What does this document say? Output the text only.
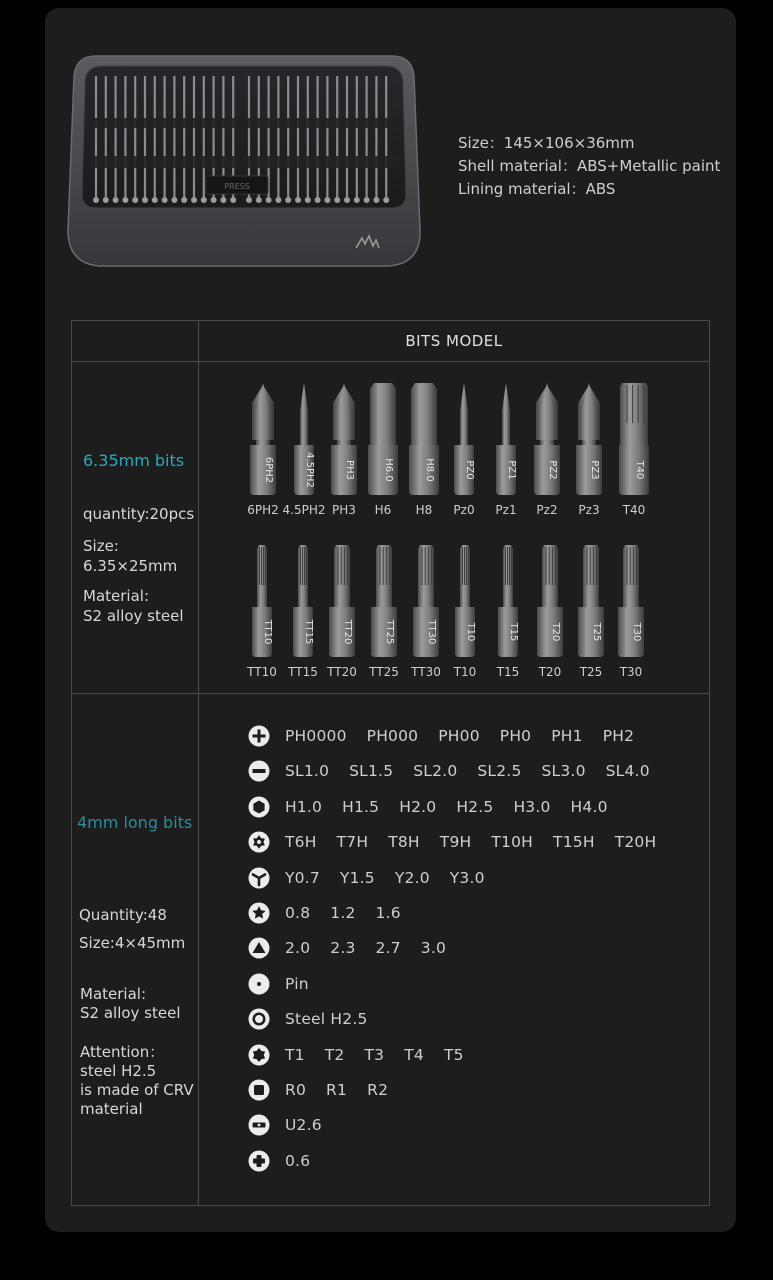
PRESS
Size：145×106×36mm
Shell material：ABS+Metallic paint
Lining material：ABS
BITS MODEL
6.35mm bits
quantity:20pcs
Size:
6.35×25mm
Material:
S2 alloy steel
6PH2
6PH2
4.5PH2
4.5PH2
PH3
PH3
H6.0
H6
H8.0
H8
PZ0
Pz0
PZ1
Pz1
PZ2
Pz2
PZ3
Pz3
T40
T40
TT10
TT10
TT15
TT15
TT20
TT20
TT25
TT25
TT30
TT30
T10
T10
T15
T15
T20
T20
T25
T25
T30
T30
4mm long bits
Quantity:48
Size:4×45mm
Material:
S2 alloy steel
Attention：
steel H2.5
is made of CRV
material
PH0000 PH000 PH00 PH0 PH1 PH2
SL1.0 SL1.5 SL2.0 SL2.5 SL3.0 SL4.0
H1.0 H1.5 H2.0 H2.5 H3.0 H4.0
T6H T7H T8H T9H T10H T15H T20H
Y0.7 Y1.5 Y2.0 Y3.0
0.8 1.2 1.6
2.0 2.3 2.7 3.0
Pin
Steel H2.5
T1 T2 T3 T4 T5
R0 R1 R2
U2.6
0.6
